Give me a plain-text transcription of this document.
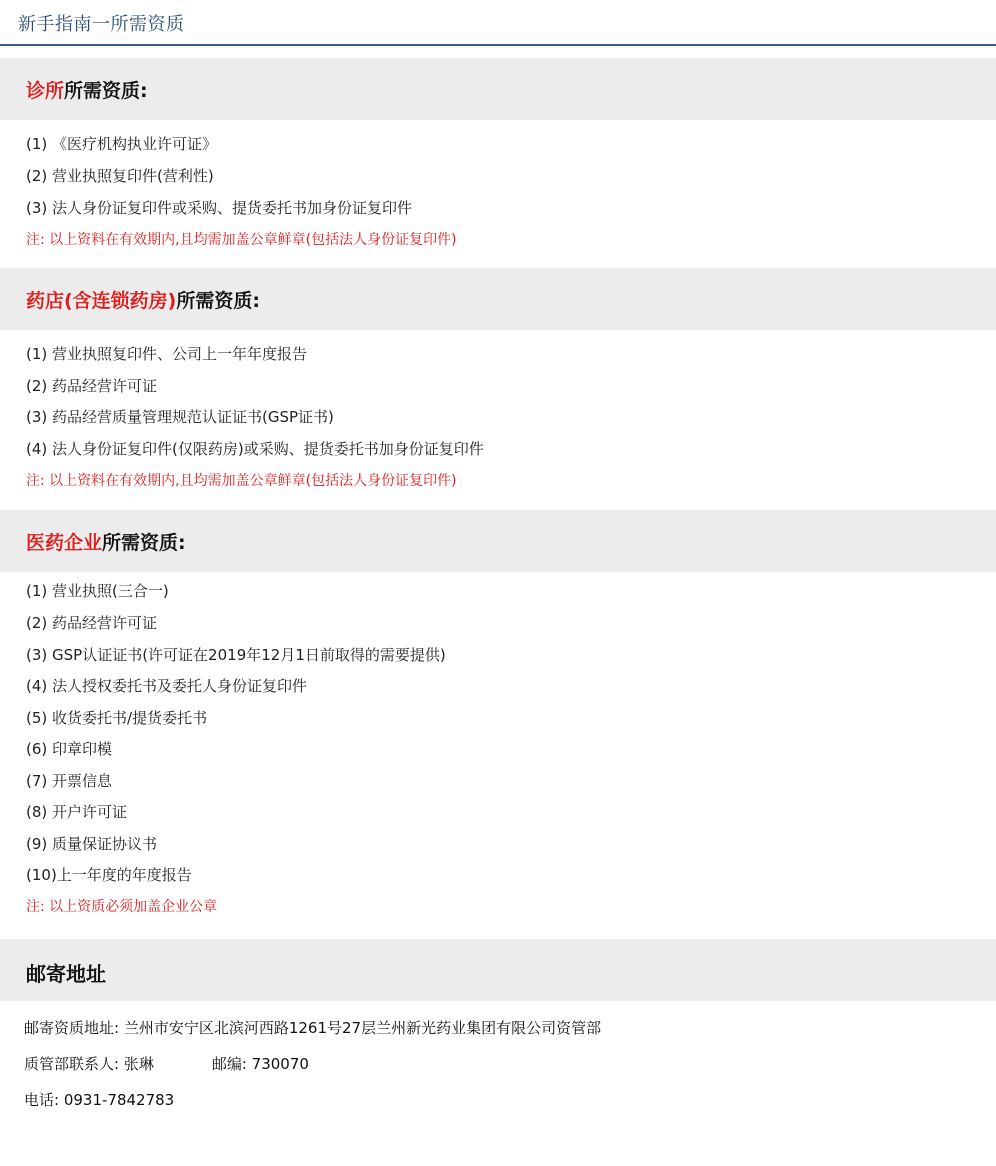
新手指南一所需资质
诊所所需资质:
(1) 《医疗机构执业许可证》
(2) 营业执照复印件(营利性)
(3) 法人身份证复印件或采购、提货委托书加身份证复印件
注: 以上资料在有效期内,且均需加盖公章鲜章(包括法人身份证复印件)
药店(含连锁药房)所需资质:
(1) 营业执照复印件、公司上一年年度报告
(2) 药品经营许可证
(3) 药品经营质量管理规范认证证书(GSP证书)
(4) 法人身份证复印件(仅限药房)或采购、提货委托书加身份证复印件
注: 以上资料在有效期内,且均需加盖公章鲜章(包括法人身份证复印件)
医药企业所需资质:
(1) 营业执照(三合一)
(2) 药品经营许可证
(3) GSP认证证书(许可证在2019年12月1日前取得的需要提供)
(4) 法人授权委托书及委托人身份证复印件
(5) 收货委托书/提货委托书
(6) 印章印模
(7) 开票信息
(8) 开户许可证
(9) 质量保证协议书
(10)上一年度的年度报告
注: 以上资质必须加盖企业公章
邮寄地址
邮寄资质地址: 兰州市安宁区北滨河西路1261号27层兰州新光药业集团有限公司资管部
质管部联系人: 张琳	邮编: 730070
电话: 0931-7842783
